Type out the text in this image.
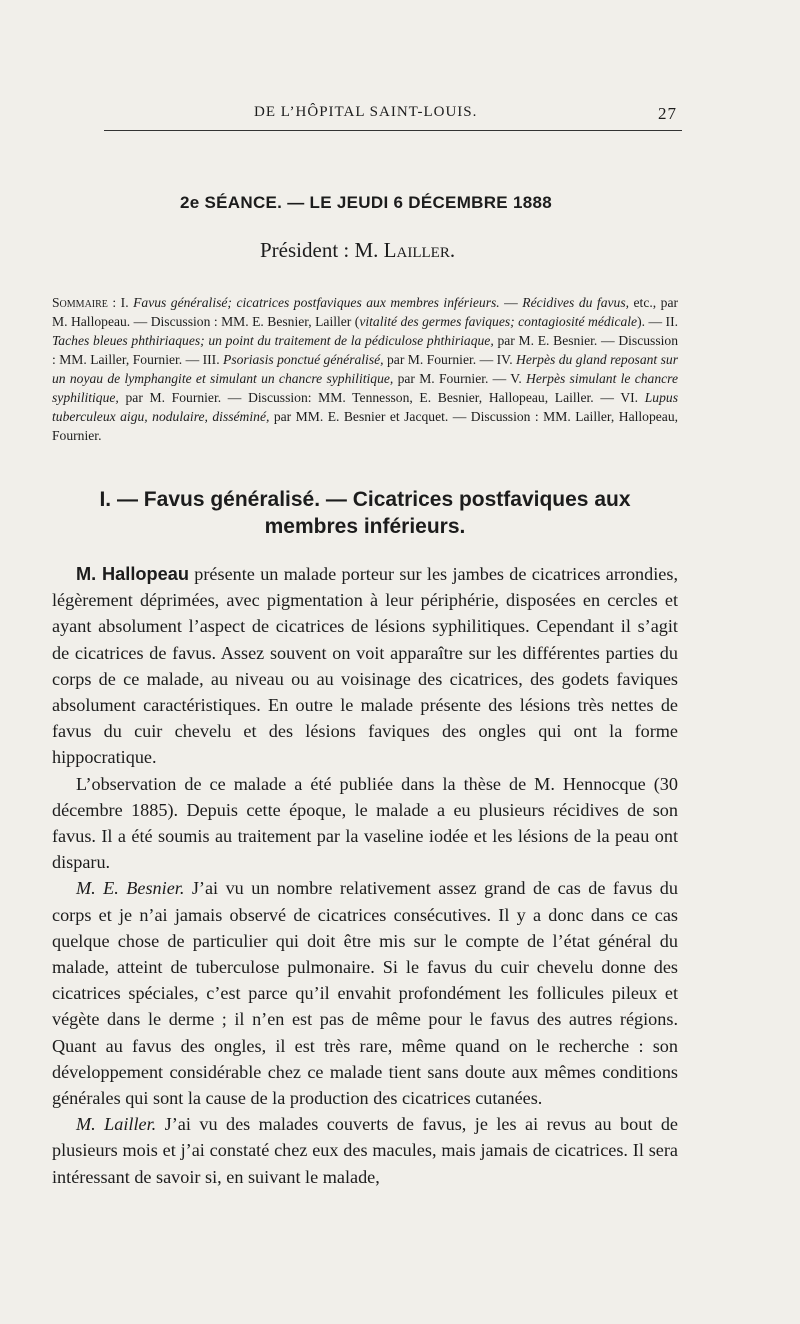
DE L’HÔPITAL SAINT-LOUIS.	27
2e SÉANCE. — LE JEUDI 6 DÉCEMBRE 1888
Président : M. Lailler.
Sommaire : I. Favus généralisé; cicatrices postfaviques aux membres inférieurs. — Récidives du favus, etc., par M. Hallopeau. — Discussion : MM. E. Besnier, Lailler (vitalité des germes faviques; contagiosité médicale). — II. Taches bleues phthiriaques; un point du traitement de la pédiculose phthiriaque, par M. E. Besnier. — Discussion : MM. Lailler, Fournier. — III. Psoriasis ponctué généralisé, par M. Fournier. — IV. Herpès du gland reposant sur un noyau de lymphangite et simulant un chancre syphilitique, par M. Fournier. — V. Herpès simulant le chancre syphilitique, par M. Fournier. — Discussion: MM. Tennesson, E. Besnier, Hallopeau, Lailler. — VI. Lupus tuberculeux aigu, nodulaire, disséminé, par MM. E. Besnier et Jacquet. — Discussion : MM. Lailler, Hallopeau, Fournier.
I. — Favus généralisé. — Cicatrices postfaviques aux membres inférieurs.

M. Hallopeau présente un malade porteur sur les jambes de cicatrices arrondies, légèrement déprimées, avec pigmentation à leur périphérie, disposées en cercles et ayant absolument l’aspect de cicatrices de lésions syphilitiques. Cependant il s’agit de cicatrices de favus. Assez souvent on voit apparaître sur les différentes parties du corps de ce malade, au niveau ou au voisinage des cicatrices, des godets faviques absolument caractéristiques. En outre le malade présente des lésions très nettes de favus du cuir chevelu et des lésions faviques des ongles qui ont la forme hippocratique.

L’observation de ce malade a été publiée dans la thèse de M. Hennocque (30 décembre 1885). Depuis cette époque, le malade a eu plusieurs récidives de son favus. Il a été soumis au traitement par la vaseline iodée et les lésions de la peau ont disparu.

M. E. Besnier. J’ai vu un nombre relativement assez grand de cas de favus du corps et je n’ai jamais observé de cicatrices consécutives. Il y a donc dans ce cas quelque chose de particulier qui doit être mis sur le compte de l’état général du malade, atteint de tuberculose pulmonaire. Si le favus du cuir chevelu donne des cicatrices spéciales, c’est parce qu’il envahit profondément les follicules pileux et végète dans le derme ; il n’en est pas de même pour le favus des autres régions. Quant au favus des ongles, il est très rare, même quand on le recherche : son développement considérable chez ce malade tient sans doute aux mêmes conditions générales qui sont la cause de la production des cicatrices cutanées.

M. Lailler. J’ai vu des malades couverts de favus, je les ai revus au bout de plusieurs mois et j’ai constaté chez eux des macules, mais jamais de cicatrices. Il sera intéressant de savoir si, en suivant le malade,
